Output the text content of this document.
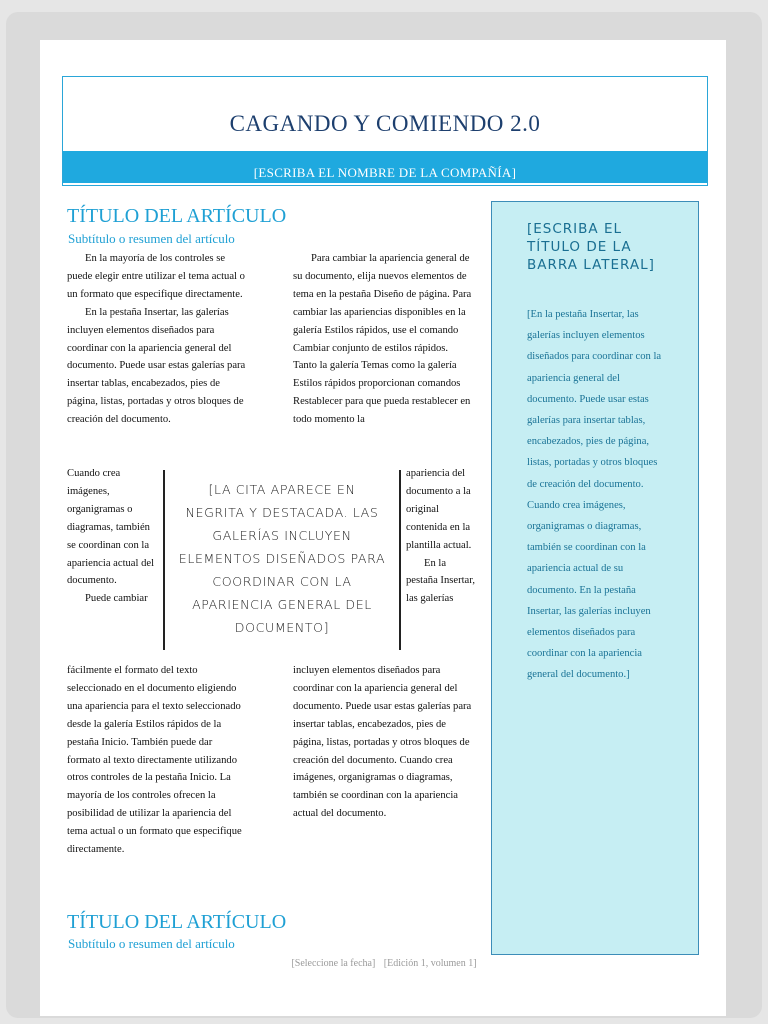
CAGANDO Y COMIENDO 2.0
[ESCRIBA EL NOMBRE DE LA COMPAÑÍA]
TÍTULO DEL ARTÍCULO
Subtítulo o resumen del artículo

En la mayoría de los controles se puede elegir entre utilizar el tema actual o un formato que especifique directamente.

En la pestaña Insertar, las galerías incluyen elementos diseñados para coordinar con la apariencia general del documento. Puede usar estas galerías para insertar tablas, encabezados, pies de página, listas, portadas y otros bloques de creación del documento.

Cuando crea imágenes, organigramas o diagramas, también se coordinan con la apariencia actual del documento.

Puede cambiar

fácilmente el formato del texto seleccionado en el documento eligiendo una apariencia para el texto seleccionado desde la galería Estilos rápidos de la pestaña Inicio. También puede dar formato al texto directamente utilizando otros controles de la pestaña Inicio. La mayoría de los controles ofrecen la posibilidad de utilizar la apariencia del tema actual o un formato que especifique directamente.

Para cambiar la apariencia general de su documento, elija nuevos elementos de tema en la pestaña Diseño de página. Para cambiar las apariencias disponibles en la galería Estilos rápidos, use el comando Cambiar conjunto de estilos rápidos. Tanto la galería Temas como la galería Estilos rápidos proporcionan comandos Restablecer para que pueda restablecer en todo momento la

apariencia del documento a la original contenida en la plantilla actual.

En la pestaña Insertar, las galerías

incluyen elementos diseñados para coordinar con la apariencia general del documento. Puede usar estas galerías para insertar tablas, encabezados, pies de página, listas, portadas y otros bloques de creación del documento. Cuando crea imágenes, organigramas o diagramas, también se coordinan con la apariencia actual del documento.

[LA CITA APARECE EN NEGRITA Y DESTACADA. LAS GALERÍAS INCLUYEN ELEMENTOS DISEÑADOS PARA COORDINAR CON LA APARIENCIA GENERAL DEL DOCUMENTO]
[ESCRIBA EL TÍTULO DE LA BARRA LATERAL]
[En la pestaña Insertar, las galerías incluyen elementos diseñados para coordinar con la apariencia general del documento. Puede usar estas galerías para insertar tablas, encabezados, pies de página, listas, portadas y otros bloques de creación del documento. Cuando crea imágenes, organigramas o diagramas, también se coordinan con la apariencia actual de su documento. En la pestaña Insertar, las galerías incluyen elementos diseñados para coordinar con la apariencia general del documento.]
TÍTULO DEL ARTÍCULO
Subtítulo o resumen del artículo
[Seleccione la fecha] [Edición 1, volumen 1]
